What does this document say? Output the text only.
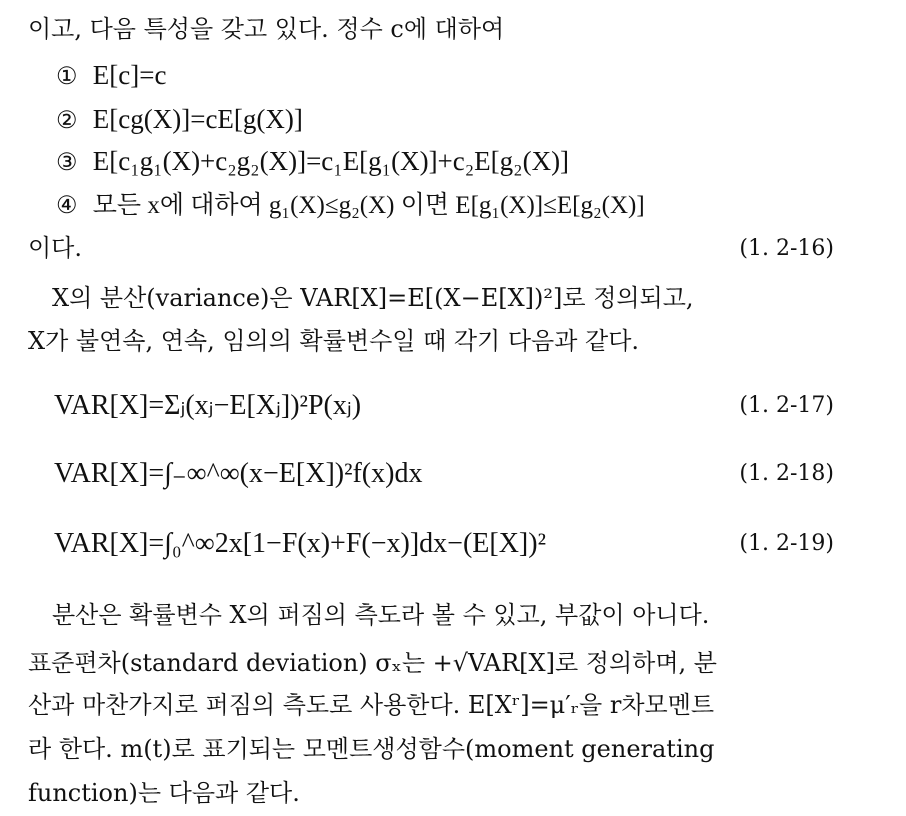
이고, 다음 특성을 갖고 있다. 정수 c에 대하여
① E[c]=c
② E[cg(X)]=cE[g(X)]
③ E[c₁g₁(X)+c₂g₂(X)]=c₁E[g₁(X)]+c₂E[g₂(X)]
④ 모든 x에 대하여 g₁(X)≤g₂(X) 이면 E[g₁(X)]≤E[g₂(X)]
이다.	(1. 2-16)
X의 분산(variance)은 VAR[X]=E[(X−E[X])²]로 정의되고,
X가 불연속, 연속, 임의의 확률변수일 때 각기 다음과 같다.
VAR[X]=Σⱼ(xⱼ−E[Xⱼ])²P(xⱼ)	(1. 2-17)
VAR[X]=∫₋∞^∞(x−E[X])²f(x)dx	(1. 2-18)
VAR[X]=∫₀^∞2x[1−F(x)+F(−x)]dx−(E[X])²	(1. 2-19)
분산은 확률변수 X의 퍼짐의 측도라 볼 수 있고, 부값이 아니다.
표준편차(standard deviation) σₓ는 +√VAR[X]로 정의하며, 분
산과 마찬가지로 퍼짐의 측도로 사용한다. E[Xʳ]=μ′ᵣ을 r차모멘트
라 한다. m(t)로 표기되는 모멘트생성함수(moment generating
function)는 다음과 같다.
